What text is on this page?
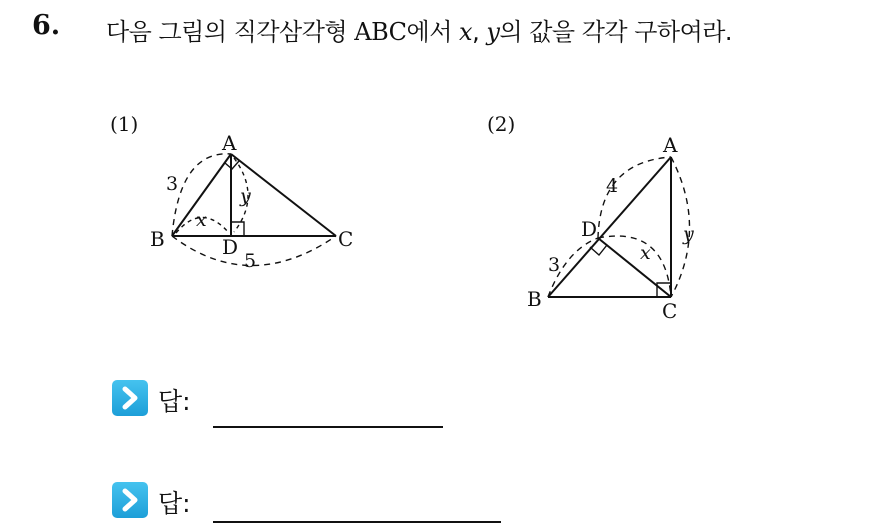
6. 다음 그림의 직각삼각형 ABC에서 x, y의 값을 각각 구하여라.
(1)
A
B	C
D
3
5
x
y
(2)
A
B	C
D
4
3
x
y
답:
답:
